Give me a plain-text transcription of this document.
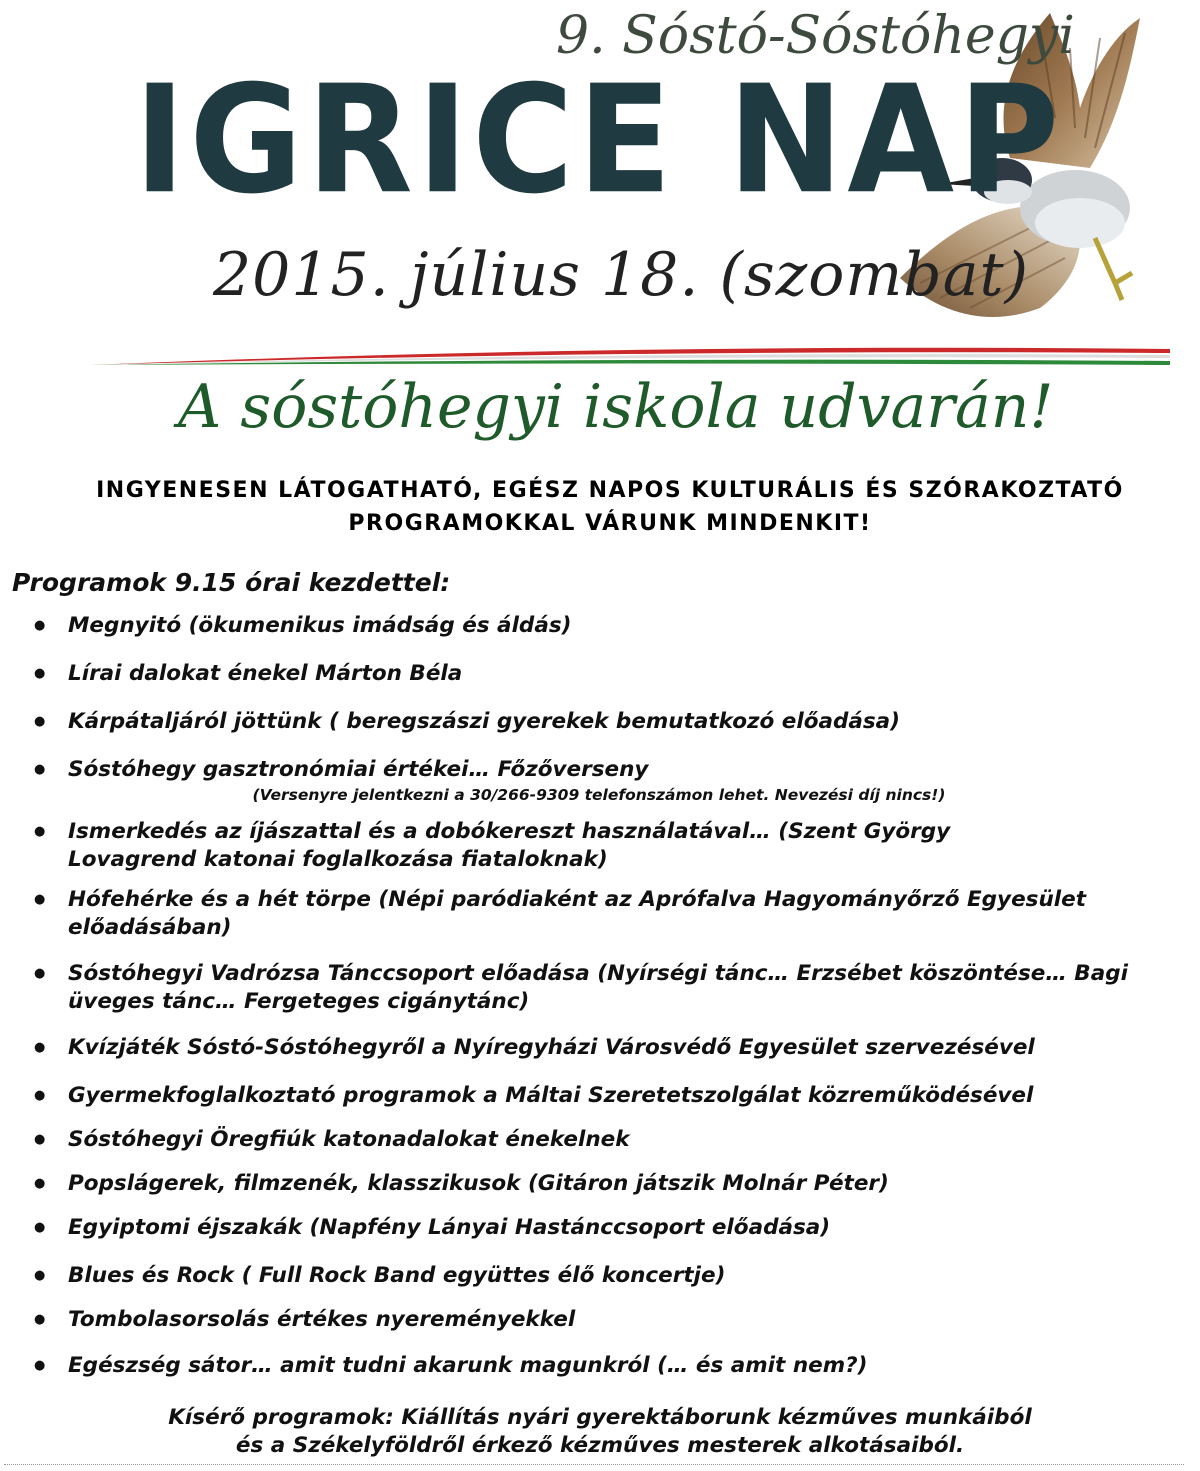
9. Sóstó-Sóstóhegyi
IGRICE NAP
2015. július 18. (szombat)
A sóstóhegyi iskola udvarán!
INGYENESEN LÁTOGATHATÓ, EGÉSZ NAPOS KULTURÁLIS ÉS SZÓRAKOZTATÓ
PROGRAMOKKAL VÁRUNK MINDENKIT!
Programok 9.15 órai kezdettel:
● Megnyitó (ökumenikus imádság és áldás)
● Lírai dalokat énekel Márton Béla
● Kárpátaljáról jöttünk ( beregszászi gyerekek bemutatkozó előadása)
● Sóstóhegy gasztronómiai értékei… Főzőverseny
(Versenyre jelentkezni a 30/266-9309 telefonszámon lehet. Nevezési díj nincs!)
● Ismerkedés az íjászattal és a dobókereszt használatával… (Szent György Lovagrend katonai foglalkozása fiataloknak)
● Hófehérke és a hét törpe (Népi paródiaként az Aprófalva Hagyományőrző Egyesület előadásában)
● Sóstóhegyi Vadrózsa Tánccsoport előadása (Nyírségi tánc… Erzsébet köszöntése… Bagi üveges tánc… Fergeteges cigánytánc)
● Kvízjáték Sóstó-Sóstóhegyről a Nyíregyházi Városvédő Egyesület szervezésével
● Gyermekfoglalkoztató programok a Máltai Szeretetszolgálat közreműködésével
● Sóstóhegyi Öregfiúk katonadalokat énekelnek
● Popslágerek, filmzenék, klasszikusok (Gitáron játszik Molnár Péter)
● Egyiptomi éjszakák (Napfény Lányai Hastánccsoport előadása)
● Blues és Rock ( Full Rock Band együttes élő koncertje)
● Tombolasorsolás értékes nyereményekkel
● Egészség sátor… amit tudni akarunk magunkról (… és amit nem?)
Kísérő programok: Kiállítás nyári gyerektáborunk kézműves munkáiból
és a Székelyföldről érkező kézműves mesterek alkotásaiból.
